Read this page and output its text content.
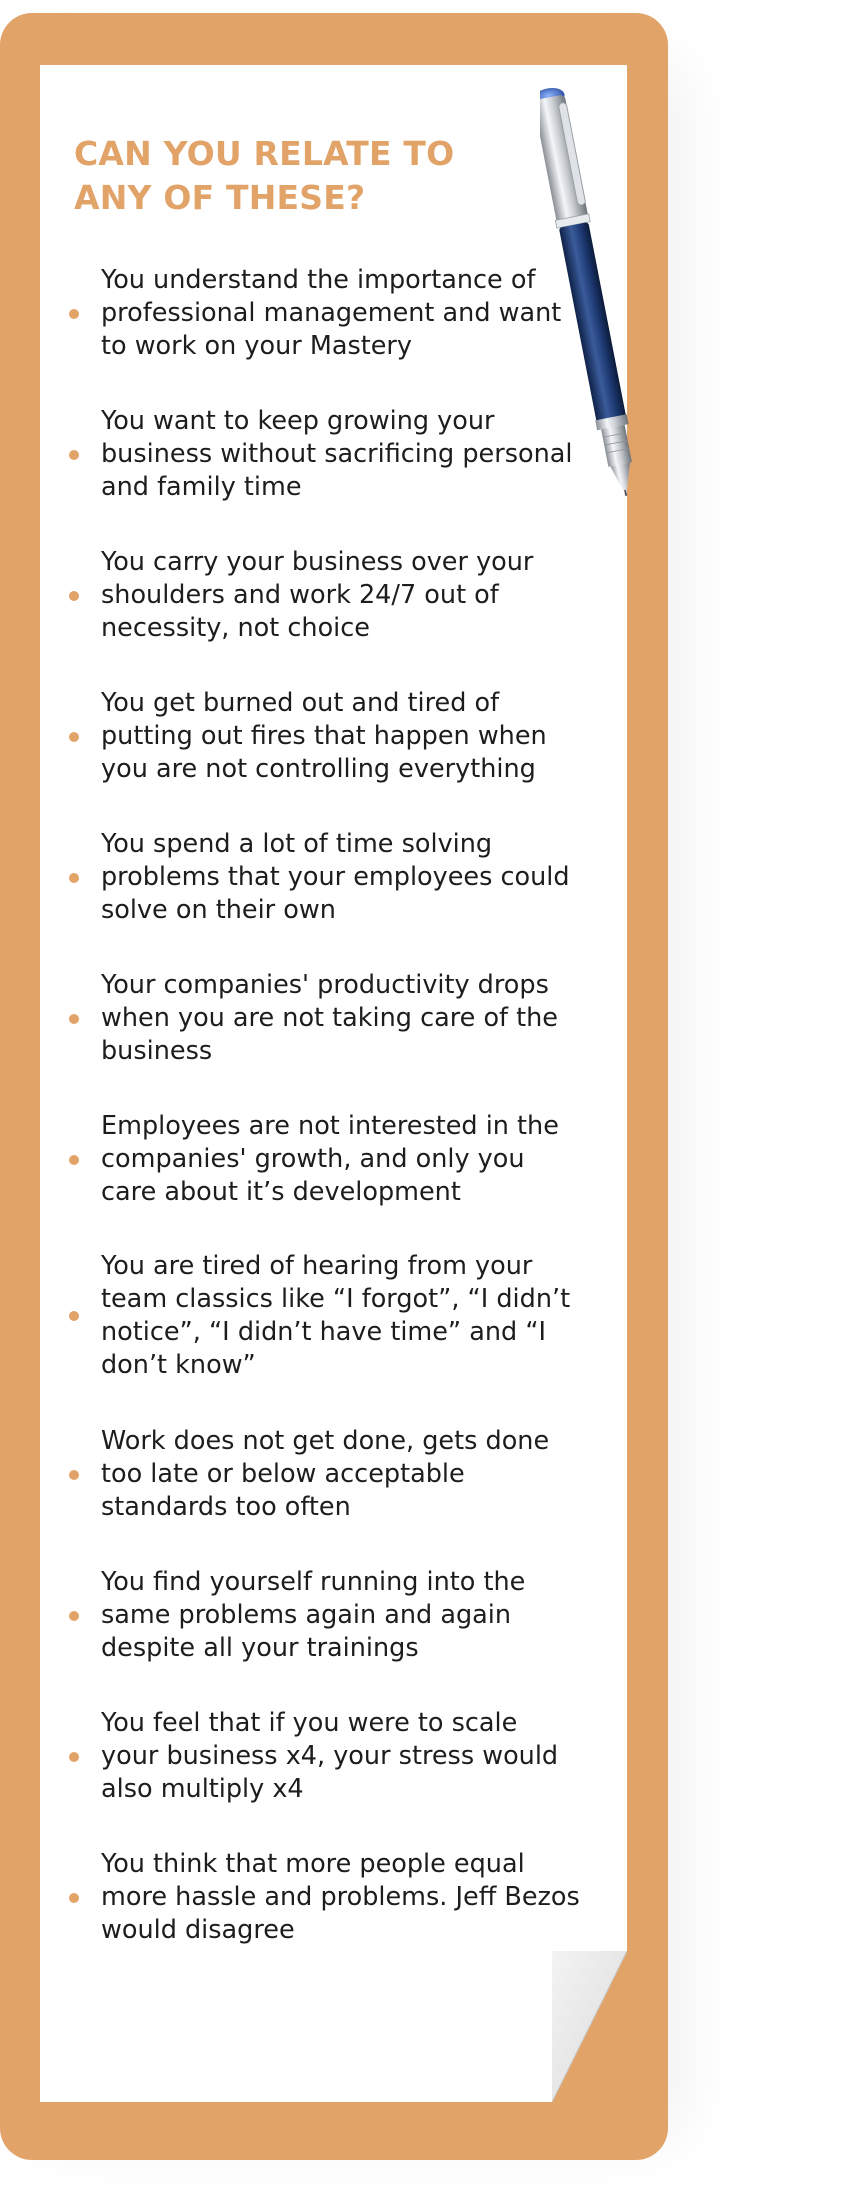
CAN YOU RELATE TO
ANY OF THESE?
You understand the importance of professional management and want to work on your Mastery
You want to keep growing your business without sacrificing personal and family time
You carry your business over your shoulders and work 24/7 out of necessity, not choice
You get burned out and tired of putting out fires that happen when you are not controlling everything
You spend a lot of time solving problems that your employees could solve on their own
Your companies' productivity drops when you are not taking care of the business
Employees are not interested in the companies' growth, and only you care about it’s development
You are tired of hearing from your team classics like “I forgot”, “I didn’t notice”, “I didn’t have time” and “I don’t know”
Work does not get done, gets done too late or below acceptable standards too often
You find yourself running into the same problems again and again despite all your trainings
You feel that if you were to scale your business x4, your stress would also multiply x4
You think that more people equal more hassle and problems. Jeff Bezos would disagree
